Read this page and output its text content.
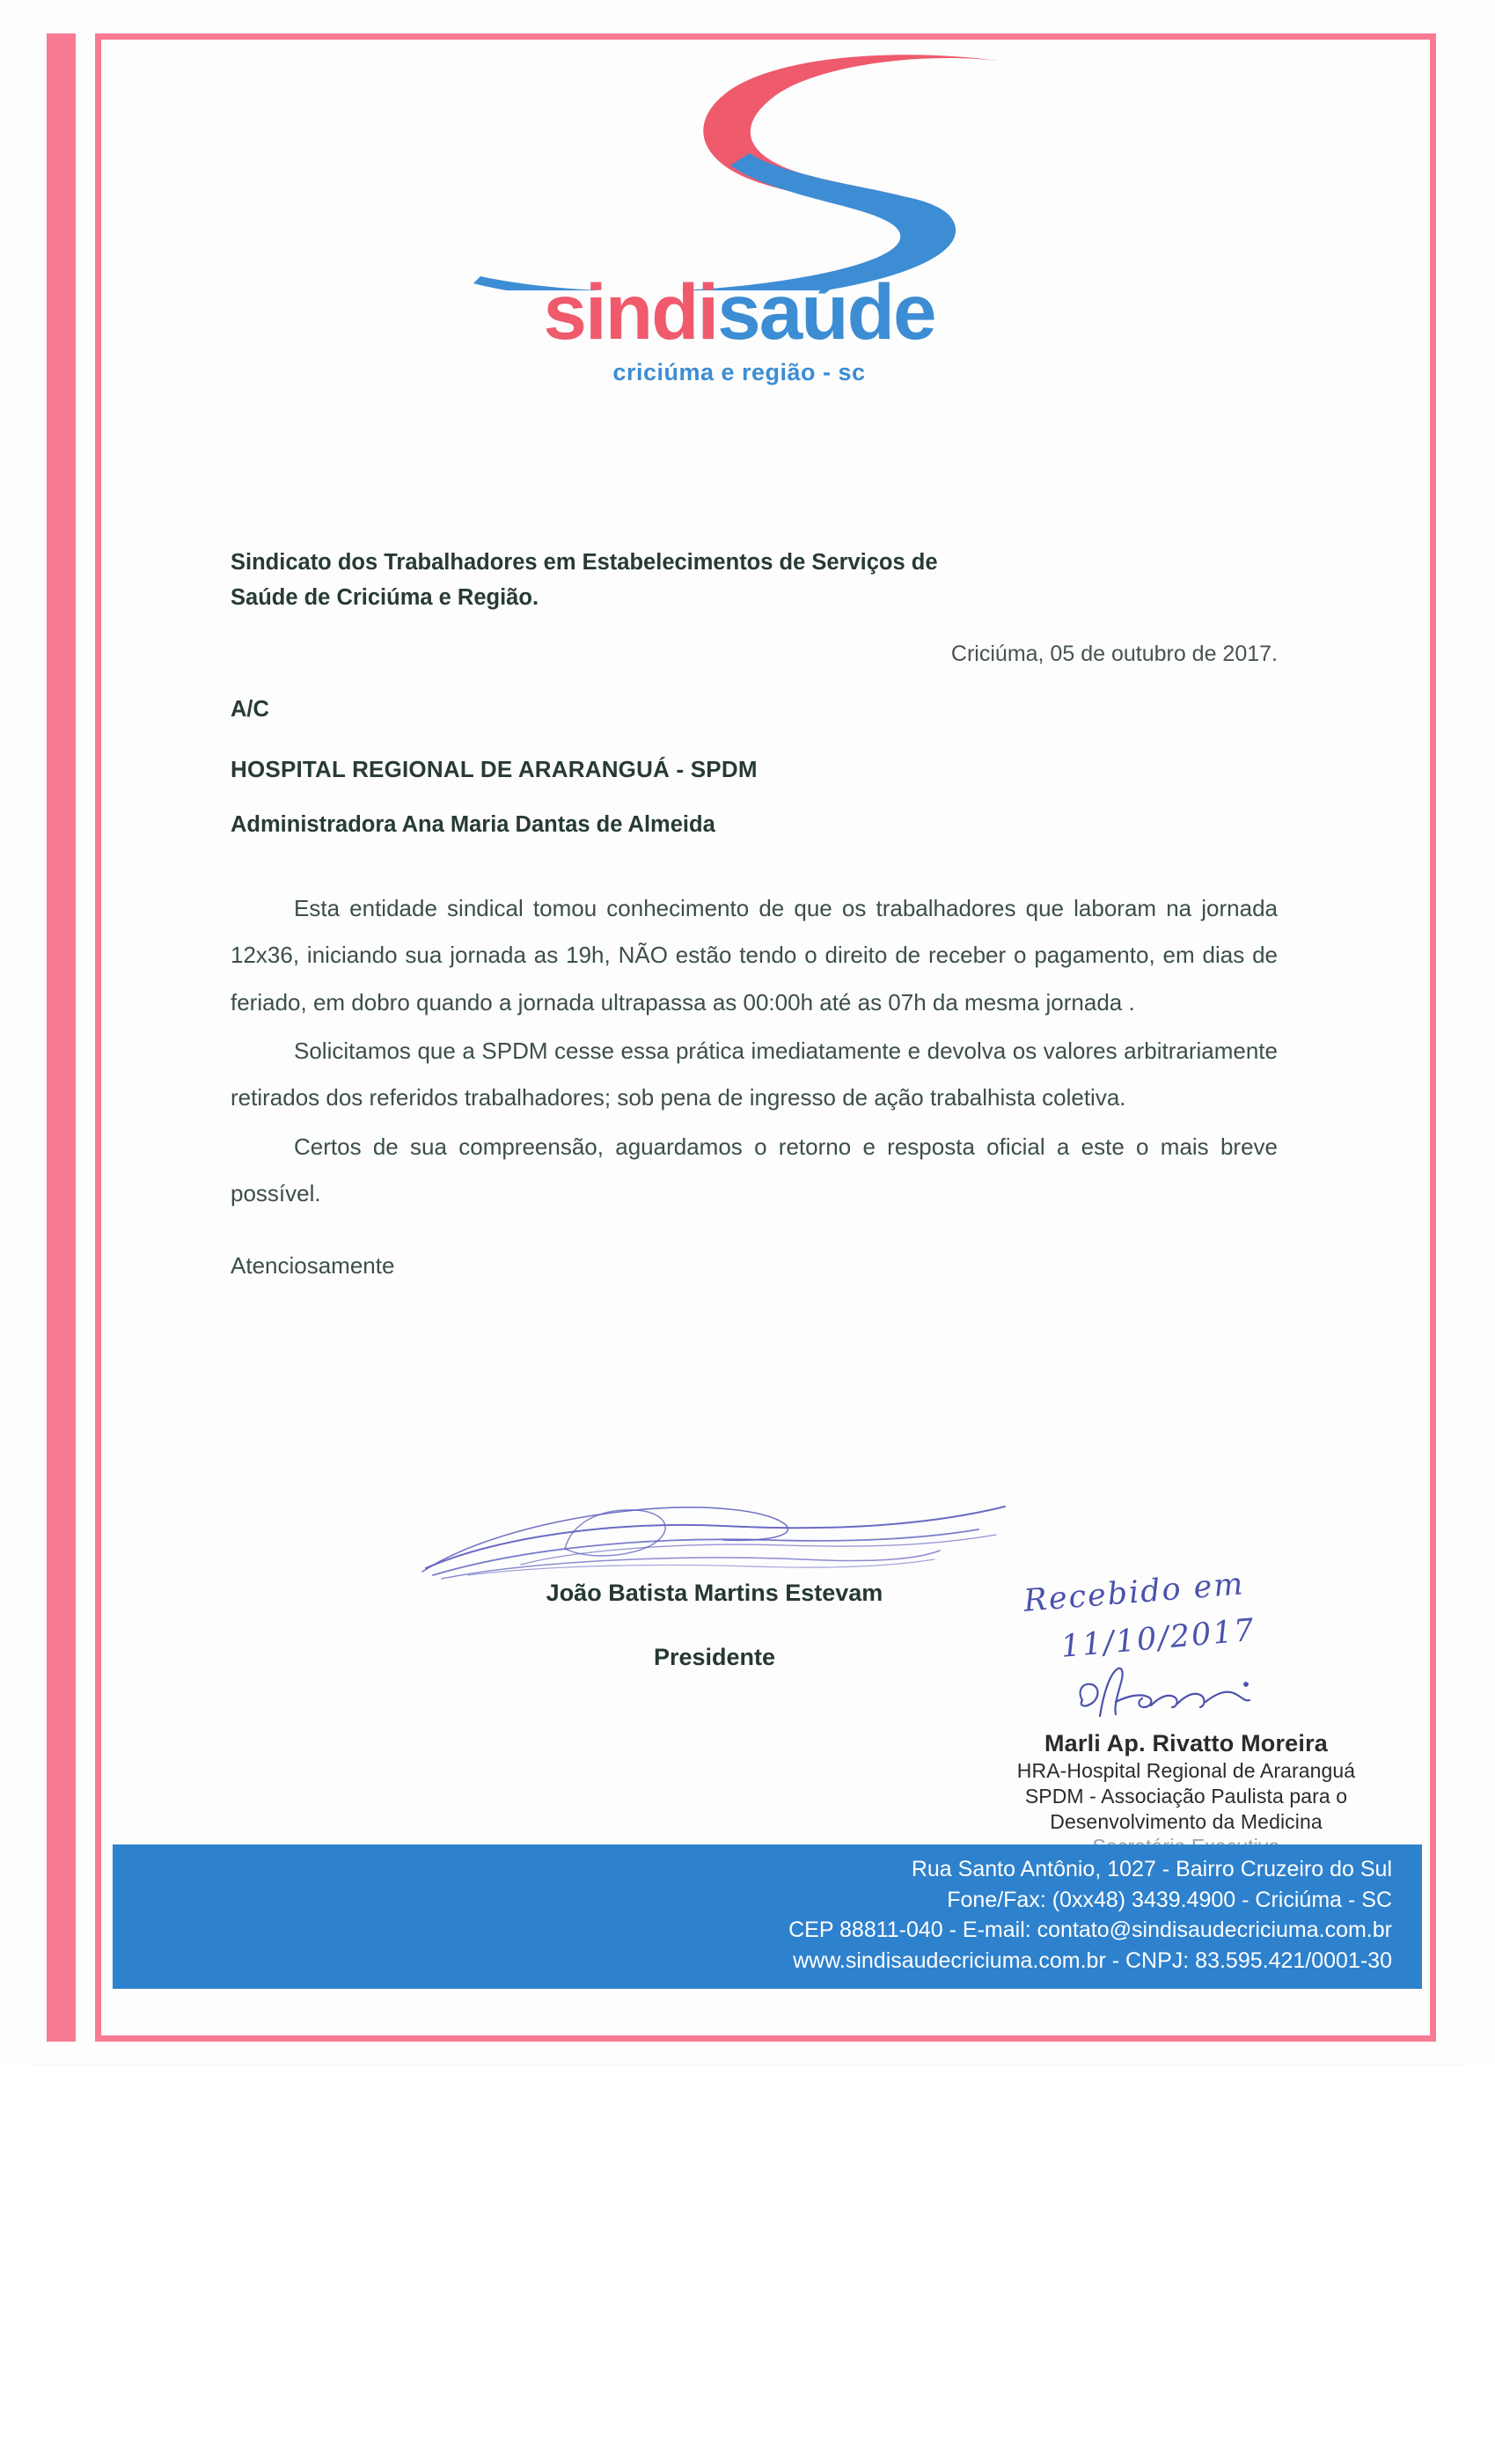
sindisaúde
criciúma e região - sc
Sindicato dos Trabalhadores em Estabelecimentos de Serviços de
Saúde de Criciúma e Região.
Criciúma, 05 de outubro de 2017.
A/C
HOSPITAL REGIONAL DE ARARANGUÁ - SPDM
Administradora Ana Maria Dantas de Almeida
Esta entidade sindical tomou conhecimento de que os trabalhadores que laboram na jornada 12x36, iniciando sua jornada as 19h, NÃO estão tendo o direito de receber o pagamento, em dias de feriado, em dobro quando a jornada ultrapassa as 00:00h até as 07h da mesma jornada .
Solicitamos que a SPDM cesse essa prática imediatamente e devolva os valores arbitrariamente retirados dos referidos trabalhadores; sob pena de ingresso de ação trabalhista coletiva.
Certos de sua compreensão, aguardamos o retorno e resposta oficial a este o mais breve possível.
Atenciosamente
João Batista Martins Estevam
Presidente
Recebido em
11/10/2017
Marli Ap. Rivatto Moreira
HRA-Hospital Regional de Araranguá
SPDM - Associação Paulista para o
Desenvolvimento da Medicina
Rua Santo Antônio, 1027 - Bairro Cruzeiro do Sul
Fone/Fax: (0xx48) 3439.4900 - Criciúma - SC
CEP 88811-040 - E-mail: contato@sindisaudecriciuma.com.br
www.sindisaudecriciuma.com.br - CNPJ: 83.595.421/0001-30
